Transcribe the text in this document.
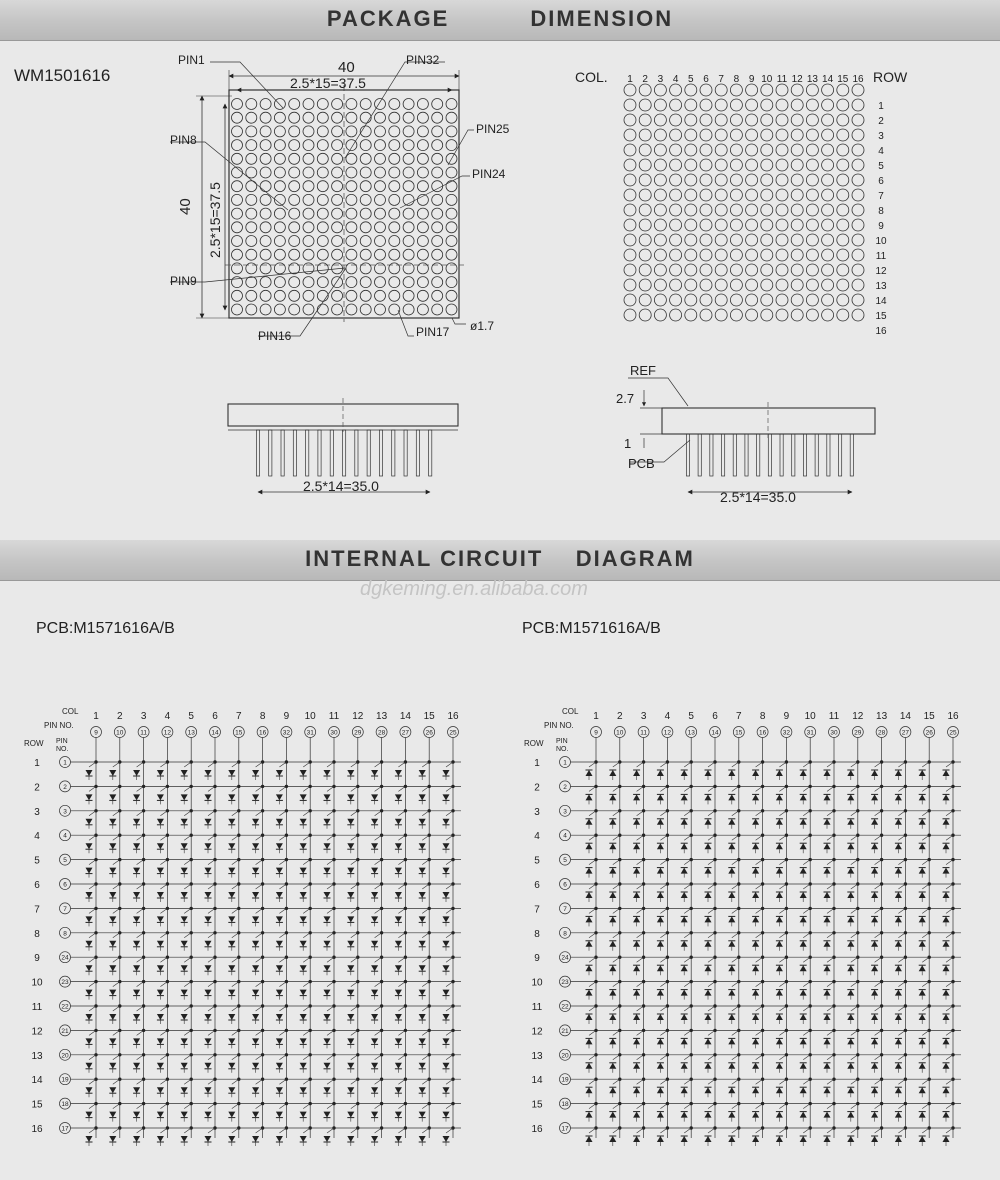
PACKAGE          DIMENSION
INTERNAL CIRCUIT    DIAGRAM
WM1501616
dgkeming.en.alibaba.com
PCB:M1571616A/B	PCB:M1571616A/B
40
2.5*15=37.5
40 2.5*15=37.5
PIN1	PIN32
PIN8
PIN25
PIN24
PIN9
PIN16	PIN17 ø1.7
COL.	ROW
1 2 3 4 5 6 7 8 9 10 11 12 13 14 15 16
1
2
3
4
5
6
7
8
9
10
11
12
13
14
15
16
2.5*14=35.0
2.5*14=35.0
REF
2.7
1
PCB
COL
PIN NO.
ROW PIN
NO.
1 2 3 4 5 6 7 8 9 10 11 12 13 14 15 16
9	10	11	12	13	14	15	16	32	31	30	29	28	27	26	25
1	1
2	2
3	3
4	4
5	5
6	6
7	7
8	8
9	24
10	23
11	22
12	21
13	20
14	19
15	18
16	17
COL
PIN NO.
ROW PIN
NO.
1 2 3 4 5 6 7 8 9 10 11 12 13 14 15 16
9	10	11	12	13	14	15	16	32	31	30	29	28	27	26	25
1	1
2	2
3	3
4	4
5	5
6	6
7	7
8	8
9	24
10	23
11	22
12	21
13	20
14	19
15	18
16	17
